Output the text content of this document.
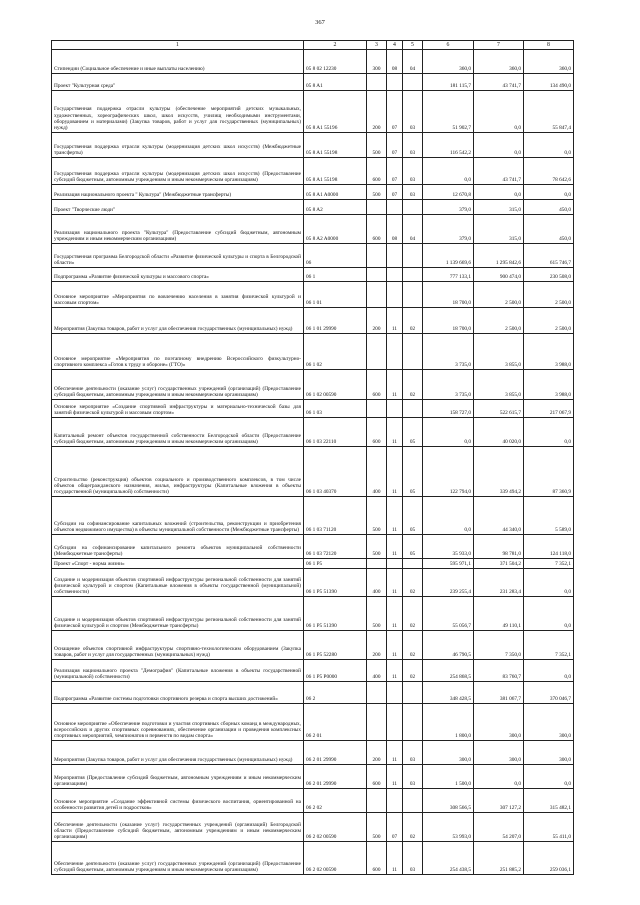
367
1	2	3	4	5	6	7	8
Стипендии (Социальное обеспечение и иные выплаты населению)	05 8 02 12230	300	08	04	360,0	360,0	360,0
Проект "Культурная среда"	05 8 A1				181 115,7	43 741,7	134 490,0
Государственная поддержка отрасли культуры (обеспечение мероприятий детских музыкальных, художественных, хореографических школ, школ искусств, училищ необходимыми инструментами, оборудованием и материалами) (Закупка товаров, работ и услуг для государственных (муниципальных) нужд)	05 8 A1 55196	200	07	03	51 902,7	0,0	55 847,4
Государственная поддержка отрасли культуры (модернизация детских школ искусств) (Межбюджетные трансферты)	05 8 A1 55198	500	07	03	116 542,2	0,0	0,0
Государственная поддержка отрасли культуры (модернизация детских школ искусств) (Предоставление субсидий бюджетным, автономным учреждениям и иным некоммерческим организациям)	05 8 A1 55198	600	07	03	0,0	43 741,7	78 642,6
Реализация национального проекта " Культура" (Межбюджетные трансферты)	05 8 A1 A0000	500	07	03	12 670,8	0,0	0,0
Проект "Творческие люди"	05 8 A2				379,0	315,0	450,0
Реализация национального проекта "Культура" (Предоставление субсидий бюджетным, автономным учреждениям и иным некоммерческим организациям)	05 8 A2 A0000	600	08	04	379,0	315,0	450,0
Государственная программа Белгородской области «Развитие физической культуры и спорта в Белгородской области»	06				1 139 669,6	1 295 842,6	615 746,7
Подпрограмма «Развитие физической культуры и массового спорта»	06 1				777 133,1	900 474,0	230 508,0
Основное мероприятие «Мероприятия по вовлечению населения в занятия физической культурой и массовым спортом»	06 1 01				18 700,0	2 500,0	2 500,0
Мероприятия (Закупка товаров, работ и услуг для обеспечения государственных (муниципальных) нужд)	06 1 01 29990	200	11	02	18 700,0	2 500,0	2 500,0
Основное мероприятие «Мероприятия по поэтапному внедрению Всероссийского физкультурно-спортивного комплекса «Готов к труду и обороне» (ГТО)»	06 1 02				3 735,0	3 855,0	3 988,0
Обеспечение деятельности (оказание услуг) государственных учреждений (организаций) (Предоставление субсидий бюджетным, автономным учреждениям и иным некоммерческим организациям)	06 1 02 00590	600	11	02	3 735,0	3 855,0	3 988,0
Основное мероприятие «Создание спортивной инфраструктуры и материально-технической базы для занятий физической культурой и массовым спортом»	06 1 03				158 727,0	522 615,7	217 067,9
Капитальный ремонт объектов государственной собственности Белгородской области (Предоставление субсидий бюджетным, автономным учреждениям и иным некоммерческим организациям)	06 1 03 22110	600	11	05	0,0	40 020,0	0,0
Строительство (реконструкция) объектов социального и производственного комплексов, в том числе объектов общегражданского назначения, жилья, инфраструктуры (Капитальные вложения в объекты государственной (муниципальной) собственности)	06 1 03 40370	400	11	05	122 794,0	339 494,2	87 360,9
Субсидии на софинансирование капитальных вложений (строительства, реконструкции и приобретения объектов недвижимого имущества) в объекты муниципальной собственности (Межбюджетные трансферты)	06 1 03 71120	500	11	05	0,0	44 340,0	5 589,0
Субсидии на софинансирование капитального ремонта объектов муниципальной собственности (Межбюджетные трансферты)	06 1 03 72120	500	11	05	35 933,0	98 781,0	124 118,0
Проект «Спорт - норма жизни»	06 1 P5				595 971,1	371 504,2	7 352,1
Создание и модернизация объектов спортивной инфраструктуры региональной собственности для занятий физической культурой и спортом (Капитальные вложения в объекты государственной (муниципальной) собственности)	06 1 P5 51390	400	11	02	239 255,4	231 283,4	0,0
Создание и модернизация объектов спортивной инфраструктуры региональной собственности для занятий физической культурой и спортом (Межбюджетные трансферты)	06 1 P5 51390	500	11	02	55 056,7	49 110,1	0,0
Оснащение объектов спортивной инфраструктуры спортивно-технологическим оборудованием (Закупка товаров, работ и услуг для государственных (муниципальных) нужд)	06 1 P5 52280	200	11	02	46 790,5	7 350,0	7 352,1
Реализация национального проекта "Демография" (Капитальные вложения в объекты государственной (муниципальной) собственности)	06 1 P5 P0000	400	11	02	254 868,5	83 760,7	0,0
Подпрограмма «Развитие системы подготовки спортивного резерва и спорта высших достижений»	06 2				348 428,5	381 067,7	370 046,7
Основное мероприятие «Обеспечение подготовки и участия спортивных сборных команд в международных, всероссийских и других спортивных соревнованиях, обеспечение организации и проведения комплексных спортивных мероприятий, чемпионатов и первенств по видам спорта»	06 2 01				1 800,0	300,0	300,0
Мероприятия (Закупка товаров, работ и услуг для обеспечения государственных (муниципальных) нужд)	06 2 01 29990	200	11	03	300,0	300,0	300,0
Мероприятия (Предоставление субсидий бюджетным, автономным учреждениям и иным некоммерческим организациям)	06 2 01 29990	600	11	03	1 500,0	0,0	0,0
Основное мероприятие «Создание эффективной системы физического воспитания, ориентированной на особенности развития детей и подростков»	06 2 02				308 566,5	307 127,2	315 482,1
Обеспечение деятельности (оказание услуг) государственных учреждений (организаций) Белгородской области (Предоставление субсидий бюджетным, автономным учреждениям и иным некоммерческим организациям)	06 2 02 00590	500	07	02	53 993,0	54 207,0	55 411,0
Обеспечение деятельности (оказание услуг) государственных учреждений (организаций) (Предоставление субсидий бюджетным, автономным учреждениям и иным некоммерческим организациям)	06 2 02 00590	600	11	03	254 438,5	251 885,2	259 036,1
